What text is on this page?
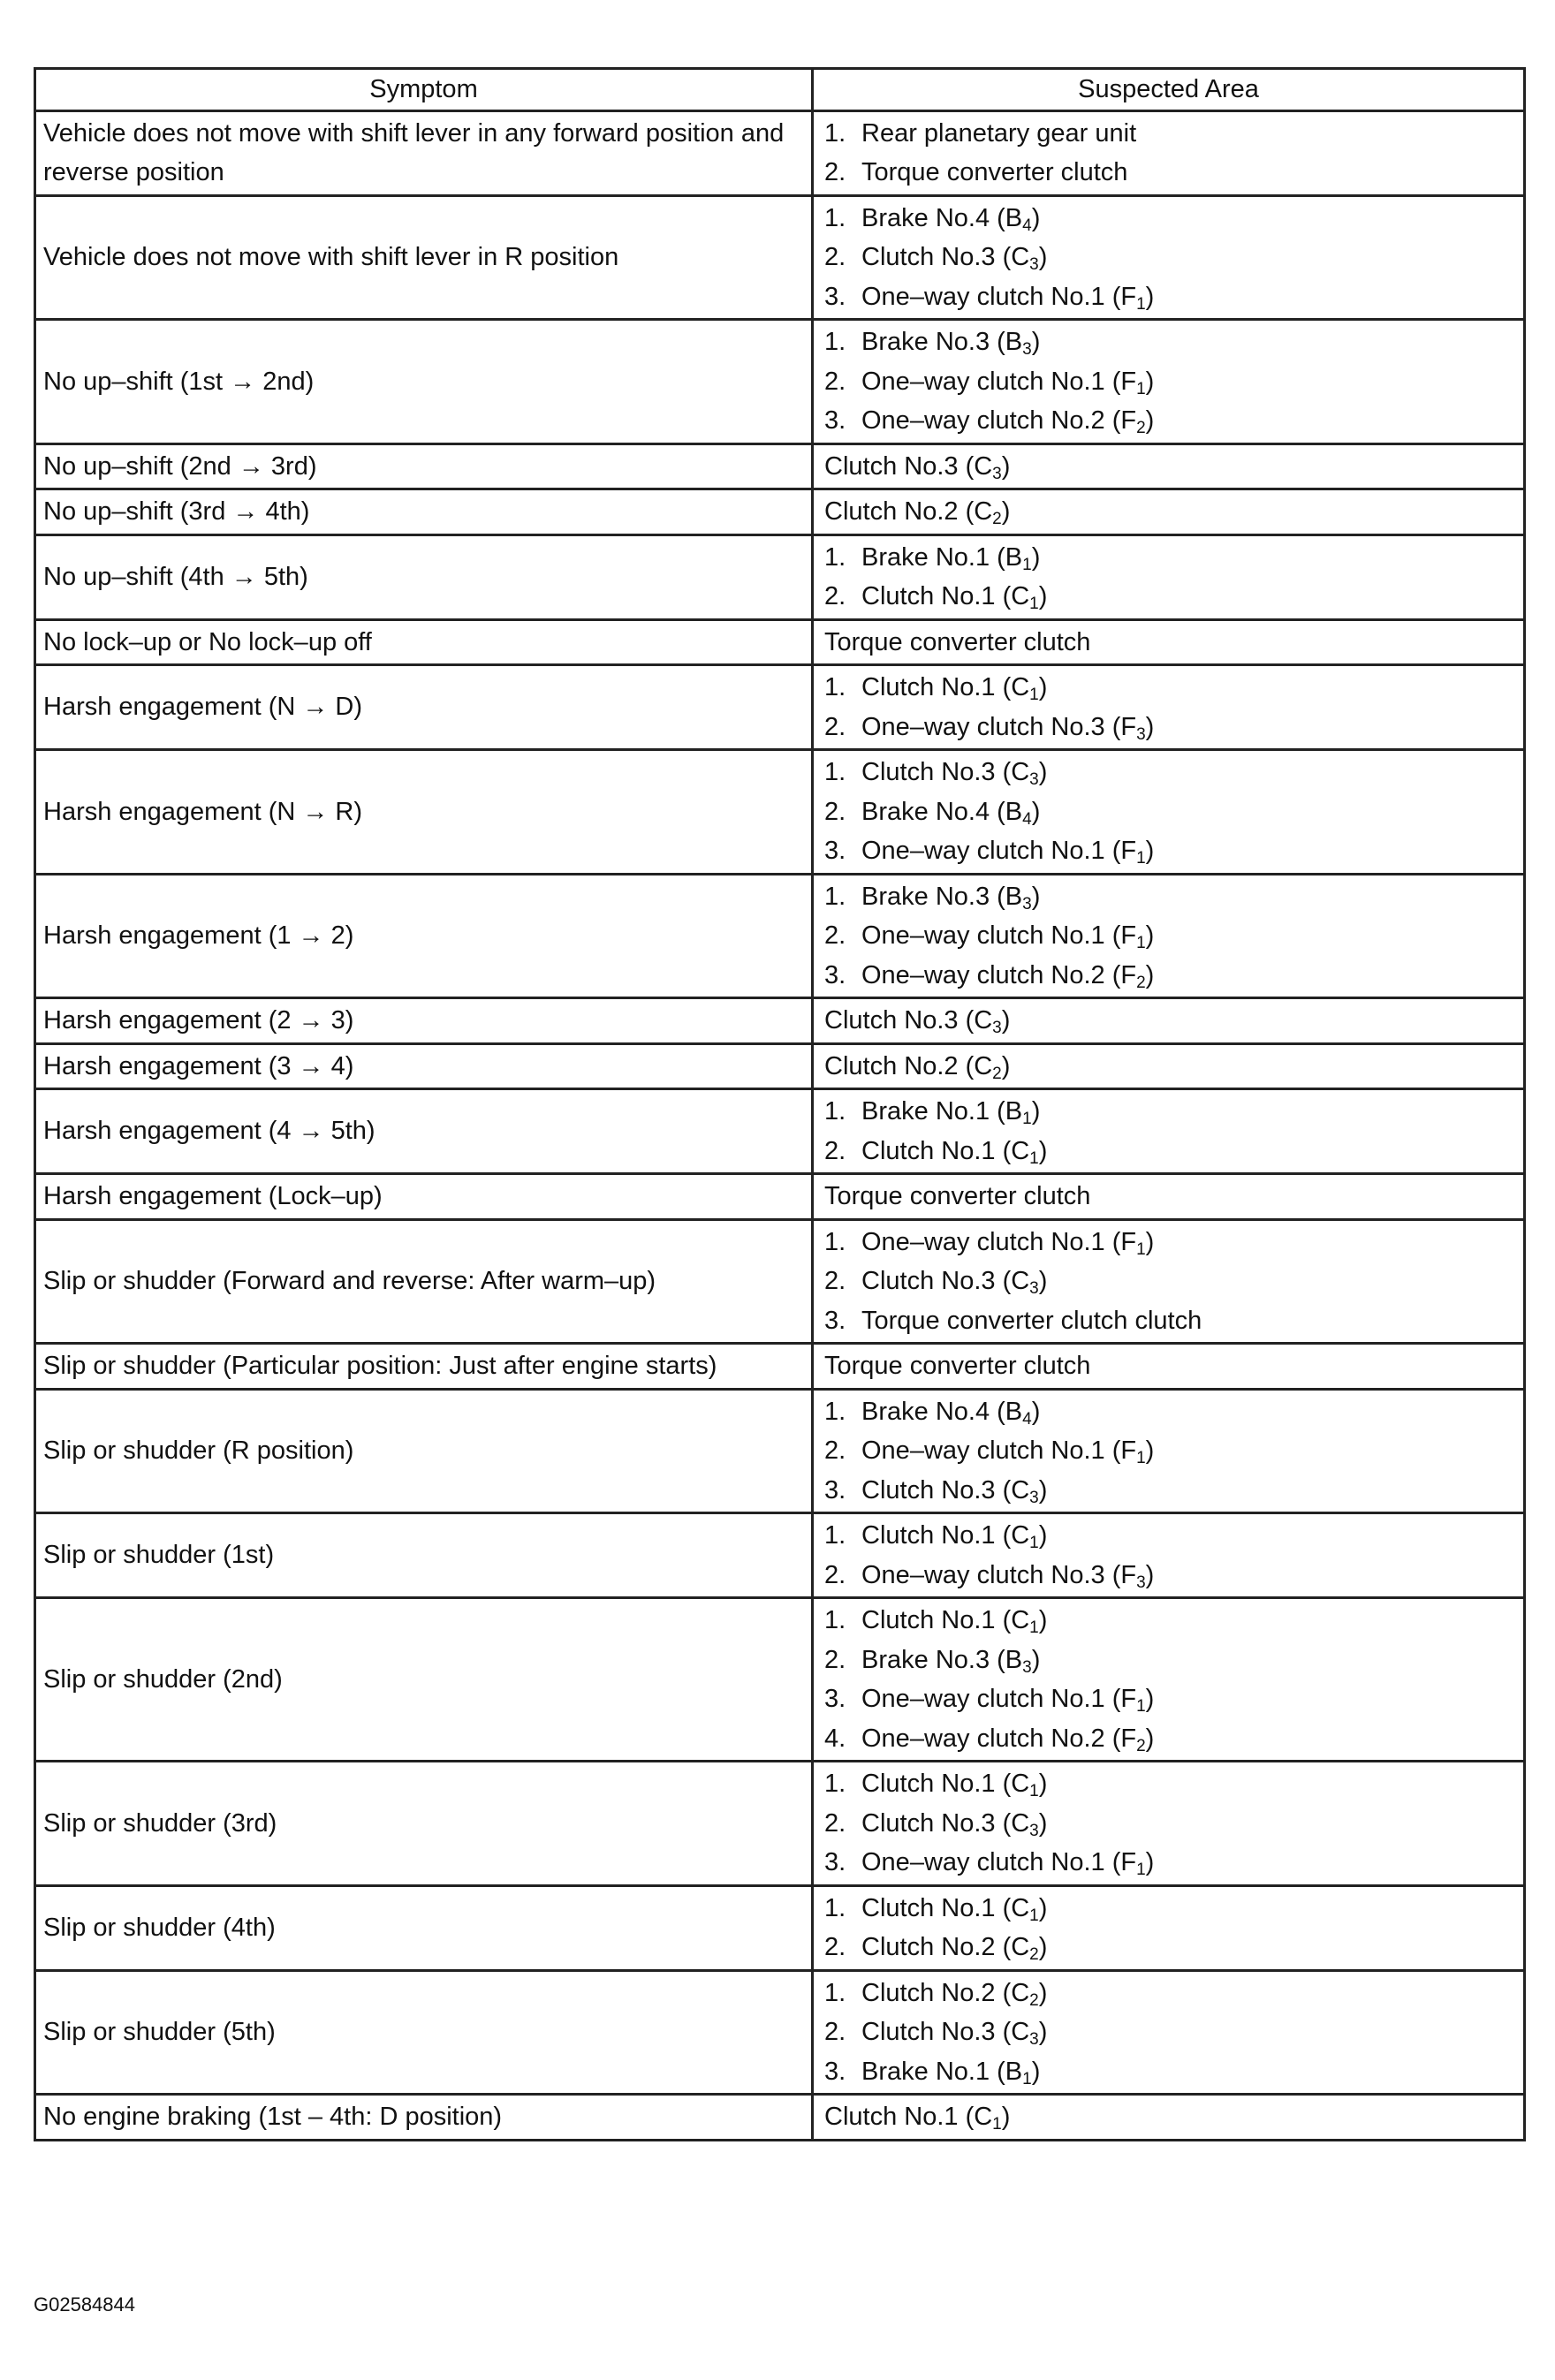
Symptom	Suspected Area
Vehicle does not move with shift lever in any forward position and reverse position	1. Rear planetary gear unit
2. Torque converter clutch

Vehicle does not move with shift lever in R position	1. Brake No.4 $(B_4)$
2. Clutch No.3 $(C_3)$
3. One–way clutch No.1 $(F_1)$

No up–shift (1st → 2nd)	1. Brake No.3 $(B_3)$
2. One–way clutch No.1 $(F_1)$
3. One–way clutch No.2 $(F_2)$

No up–shift (2nd → 3rd)	Clutch No.3 $(C_3)$

No up–shift (3rd → 4th)	Clutch No.2 $(C_2)$

No up–shift (4th → 5th)	1. Brake No.1 $(B_1)$
2. Clutch No.1 $(C_1)$

No lock–up or No lock–up off	Torque converter clutch

Harsh engagement (N → D)	1. Clutch No.1 $(C_1)$
2. One–way clutch No.3 $(F_3)$

Harsh engagement (N → R)	1. Clutch No.3 $(C_3)$
2. Brake No.4 $(B_4)$
3. One–way clutch No.1 $(F_1)$

Harsh engagement (1 → 2)	1. Brake No.3 $(B_3)$
2. One–way clutch No.1 $(F_1)$
3. One–way clutch No.2 $(F_2)$

Harsh engagement (2 → 3)	Clutch No.3 $(C_3)$

Harsh engagement (3 → 4)	Clutch No.2 $(C_2)$

Harsh engagement (4 → 5th)	1. Brake No.1 $(B_1)$
2. Clutch No.1 $(C_1)$

Harsh engagement (Lock–up)	Torque converter clutch

Slip or shudder (Forward and reverse: After warm–up)	1. One–way clutch No.1 $(F_1)$
2. Clutch No.3 $(C_3)$
3. Torque converter clutch clutch

Slip or shudder (Particular position: Just after engine starts)	Torque converter clutch

Slip or shudder (R position)	1. Brake No.4 $(B_4)$
2. One–way clutch No.1 $(F_1)$
3. Clutch No.3 $(C_3)$

Slip or shudder (1st)	1. Clutch No.1 $(C_1)$
2. One–way clutch No.3 $(F_3)$

Slip or shudder (2nd)	1. Clutch No.1 $(C_1)$
2. Brake No.3 $(B_3)$
3. One–way clutch No.1 $(F_1)$
4. One–way clutch No.2 $(F_2)$

Slip or shudder (3rd)	1. Clutch No.1 $(C_1)$
2. Clutch No.3 $(C_3)$
3. One–way clutch No.1 $(F_1)$

Slip or shudder (4th)	1. Clutch No.1 $(C_1)$
2. Clutch No.2 $(C_2)$

Slip or shudder (5th)	1. Clutch No.2 $(C_2)$
2. Clutch No.3 $(C_3)$
3. Brake No.1 $(B_1)$

No engine braking (1st – 4th: D position)	Clutch No.1 $(C_1)$
G02584844
